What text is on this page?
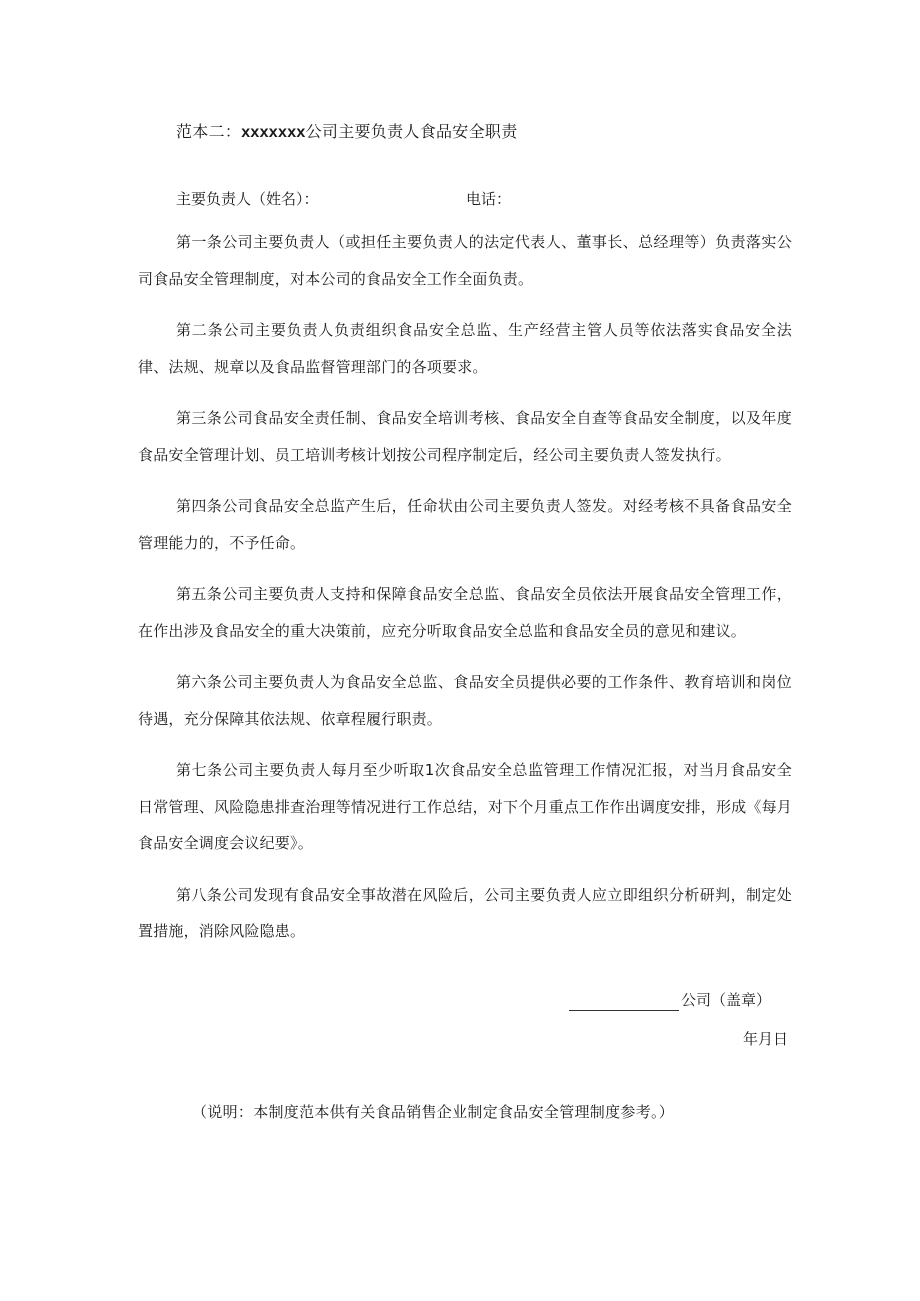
范本二：xxxxxxx公司主要负责人食品安全职责
主要负责人（姓名）：	电话：

第一条公司主要负责人（或担任主要负责人的法定代表人、董事长、总经理等）负责落实公司食品安全管理制度，对本公司的食品安全工作全面负责。

第二条公司主要负责人负责组织食品安全总监、生产经营主管人员等依法落实食品安全法律、法规、规章以及食品监督管理部门的各项要求。

第三条公司食品安全责任制、食品安全培训考核、食品安全自查等食品安全制度，以及年度食品安全管理计划、员工培训考核计划按公司程序制定后，经公司主要负责人签发执行。

第四条公司食品安全总监产生后，任命状由公司主要负责人签发。对经考核不具备食品安全管理能力的，不予任命。

第五条公司主要负责人支持和保障食品安全总监、食品安全员依法开展食品安全管理工作，在作出涉及食品安全的重大决策前，应充分听取食品安全总监和食品安全员的意见和建议。

第六条公司主要负责人为食品安全总监、食品安全员提供必要的工作条件、教育培训和岗位待遇，充分保障其依法规、依章程履行职责。

第七条公司主要负责人每月至少听取1次食品安全总监管理工作情况汇报，对当月食品安全日常管理、风险隐患排查治理等情况进行工作总结，对下个月重点工作作出调度安排，形成《每月食品安全调度会议纪要》。

第八条公司发现有食品安全事故潜在风险后，公司主要负责人应立即组织分析研判，制定处置措施，消除风险隐患。

公司（盖章）
年月日
（说明：本制度范本供有关食品销售企业制定食品安全管理制度参考。）
